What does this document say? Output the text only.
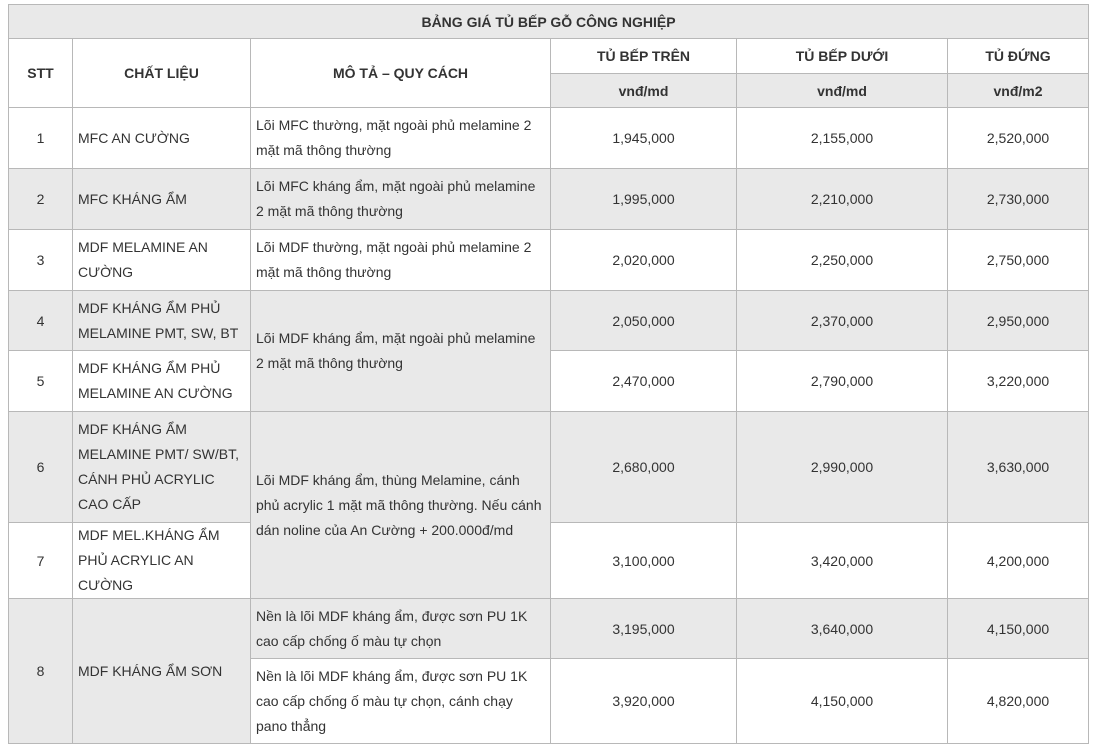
BẢNG GIÁ TỦ BẾP GỖ CÔNG NGHIỆP					
STT	CHẤT LIỆU	MÔ TẢ – QUY CÁCH	TỦ BẾP TRÊN	TỦ BẾP DƯỚI	TỦ ĐỨNG
			vnđ/md	vnđ/md	vnđ/m2
1	MFC AN CƯỜNG	Lõi MFC thường, mặt ngoài phủ melamine 2 mặt mã thông thường	1,945,000	2,155,000	2,520,000
2	MFC KHÁNG ẨM	Lõi MFC kháng ẩm, mặt ngoài phủ melamine 2 mặt mã thông thường	1,995,000	2,210,000	2,730,000
3	MDF MELAMINE AN CƯỜNG	Lõi MDF thường, mặt ngoài phủ melamine 2 mặt mã thông thường	2,020,000	2,250,000	2,750,000
4	MDF KHÁNG ẨM PHỦ MELAMINE PMT, SW, BT	Lõi MDF kháng ẩm, mặt ngoài phủ melamine 2 mặt mã thông thường	2,050,000	2,370,000	2,950,000
5	MDF KHÁNG ẨM PHỦ MELAMINE AN CƯỜNG		2,470,000	2,790,000	3,220,000
6	MDF KHÁNG ẨM MELAMINE PMT/ SW/BT, CÁNH PHỦ ACRYLIC CAO CẤP	Lõi MDF kháng ẩm, thùng Melamine, cánh phủ acrylic 1 mặt mã thông thường. Nếu cánh dán noline của An Cường + 200.000đ/md	2,680,000	2,990,000	3,630,000
7	MDF MEL.KHÁNG ẨM PHỦ ACRYLIC AN CƯỜNG		3,100,000	3,420,000	4,200,000
8	MDF KHÁNG ẨM SƠN	Nền là lõi MDF kháng ẩm, được sơn PU 1K cao cấp chống ố màu tự chọn	3,195,000	3,640,000	4,150,000
		Nền là lõi MDF kháng ẩm, được sơn PU 1K cao cấp chống ố màu tự chọn, cánh chạy pano thẳng	3,920,000	4,150,000	4,820,000
